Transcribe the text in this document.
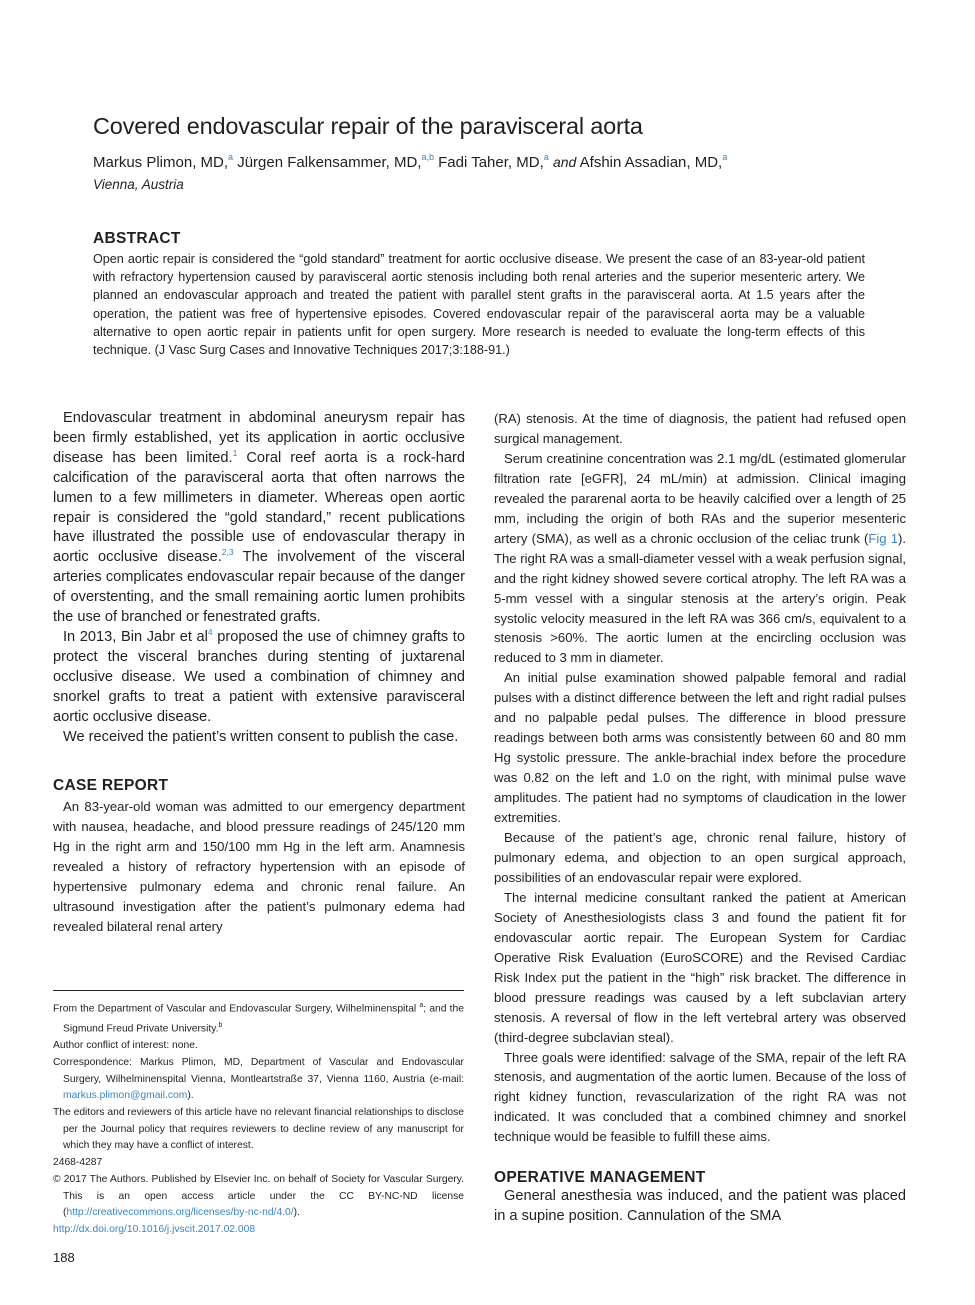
Covered endovascular repair of the paravisceral aorta
Markus Plimon, MD,$^a$ Jürgen Falkensammer, MD,$^{a,b}$ Fadi Taher, MD,$^a$ and Afshin Assadian, MD,$^a$
Vienna, Austria
ABSTRACT
Open aortic repair is considered the “gold standard” treatment for aortic occlusive disease. We present the case of an 83-year-old patient with refractory hypertension caused by paravisceral aortic stenosis including both renal arteries and the superior mesenteric artery. We planned an endovascular approach and treated the patient with parallel stent grafts in the paravisceral aorta. At 1.5 years after the operation, the patient was free of hypertensive episodes. Covered endovascular repair of the paravisceral aorta may be a valuable alternative to open aortic repair in patients unfit for open surgery. More research is needed to evaluate the long-term effects of this technique. (J Vasc Surg Cases and Innovative Techniques 2017;3:188-91.)

Endovascular treatment in abdominal aneurysm repair has been firmly established, yet its application in aortic occlusive disease has been limited.$^1$ Coral reef aorta is a rock-hard calcification of the paravisceral aorta that often narrows the lumen to a few millimeters in diameter. Whereas open aortic repair is considered the “gold standard,” recent publications have illustrated the possible use of endovascular therapy in aortic occlusive disease.$^{2,3}$ The involvement of the visceral arteries complicates endovascular repair because of the danger of overstenting, and the small remaining aortic lumen prohibits the use of branched or fenestrated grafts.

In 2013, Bin Jabr et al$^4$ proposed the use of chimney grafts to protect the visceral branches during stenting of juxtarenal occlusive disease. We used a combination of chimney and snorkel grafts to treat a patient with extensive paravisceral aortic occlusive disease.

We received the patient’s written consent to publish the case.

CASE REPORT

An 83-year-old woman was admitted to our emergency department with nausea, headache, and blood pressure readings of 245/120 mm Hg in the right arm and 150/100 mm Hg in the left arm. Anamnesis revealed a history of refractory hypertension with an episode of hypertensive pulmonary edema and chronic renal failure. An ultrasound investigation after the patient’s pulmonary edema had revealed bilateral renal artery

From the Department of Vascular and Endovascular Surgery, Wilhelminenspital $^a$; and the Sigmund Freud Private University.$^b$

Author conflict of interest: none.

Correspondence: Markus Plimon, MD, Department of Vascular and Endovascular Surgery, Wilhelminenspital Vienna, Montleartstraße 37, Vienna 1160, Austria (e-mail: markus.plimon@gmail.com).

The editors and reviewers of this article have no relevant financial relationships to disclose per the Journal policy that requires reviewers to decline review of any manuscript for which they may have a conflict of interest.

2468-4287

© 2017 The Authors. Published by Elsevier Inc. on behalf of Society for Vascular Surgery. This is an open access article under the CC BY-NC-ND license (http://creativecommons.org/licenses/by-nc-nd/4.0/).

http://dx.doi.org/10.1016/j.jvscit.2017.02.008

188

(RA) stenosis. At the time of diagnosis, the patient had refused open surgical management.

Serum creatinine concentration was 2.1 mg/dL (estimated glomerular filtration rate [eGFR], 24 mL/min) at admission. Clinical imaging revealed the pararenal aorta to be heavily calcified over a length of 25 mm, including the origin of both RAs and the superior mesenteric artery (SMA), as well as a chronic occlusion of the celiac trunk (Fig 1). The right RA was a small-diameter vessel with a weak perfusion signal, and the right kidney showed severe cortical atrophy. The left RA was a 5-mm vessel with a singular stenosis at the artery’s origin. Peak systolic velocity measured in the left RA was 366 cm/s, equivalent to a stenosis >60%. The aortic lumen at the encircling occlusion was reduced to 3 mm in diameter.

An initial pulse examination showed palpable femoral and radial pulses with a distinct difference between the left and right radial pulses and no palpable pedal pulses. The difference in blood pressure readings between both arms was consistently between 60 and 80 mm Hg systolic pressure. The ankle-brachial index before the procedure was 0.82 on the left and 1.0 on the right, with minimal pulse wave amplitudes. The patient had no symptoms of claudication in the lower extremities.

Because of the patient’s age, chronic renal failure, history of pulmonary edema, and objection to an open surgical approach, possibilities of an endovascular repair were explored.

The internal medicine consultant ranked the patient at American Society of Anesthesiologists class 3 and found the patient fit for endovascular aortic repair. The European System for Cardiac Operative Risk Evaluation (EuroSCORE) and the Revised Cardiac Risk Index put the patient in the “high” risk bracket. The difference in blood pressure readings was caused by a left subclavian artery stenosis. A reversal of flow in the left vertebral artery was observed (third-degree subclavian steal).

Three goals were identified: salvage of the SMA, repair of the left RA stenosis, and augmentation of the aortic lumen. Because of the loss of right kidney function, revascularization of the right RA was not indicated. It was concluded that a combined chimney and snorkel technique would be feasible to fulfill these aims.

OPERATIVE MANAGEMENT

General anesthesia was induced, and the patient was placed in a supine position. Cannulation of the SMA
